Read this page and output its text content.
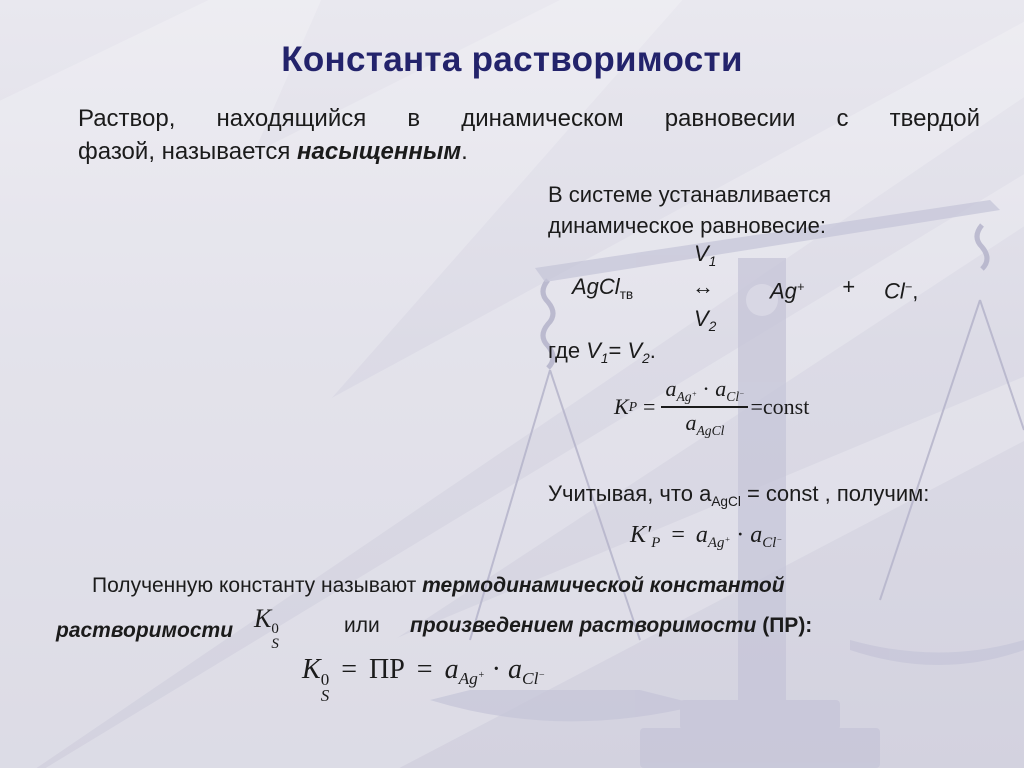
Константа растворимости
Раствор, находящийся в динамическом равновесии с твердой
фазой, называется насыщенным.
В системе устанавливается
динамическое равновесие:
$V_1$
AgCl$_{тв}$	↔	Ag+ + Cl−,
$V_2$
где $V_1= V_2$.
K $P = \frac{a_{Ag^+} \cdot a_{Cl^-}}{a_{AgCl}}$ =const
Учитывая, что $a_{AgCl}$ = const , получим:
$K'_P = a_{Ag^+} \cdot a_{Cl^-}$
Полученную константу называют термодинамической константой
растворимости K 0
S
или произведением растворимости (ПР):
K 0
S
= ПР = $a_{Ag^+} \cdot a_{Cl^-}$
